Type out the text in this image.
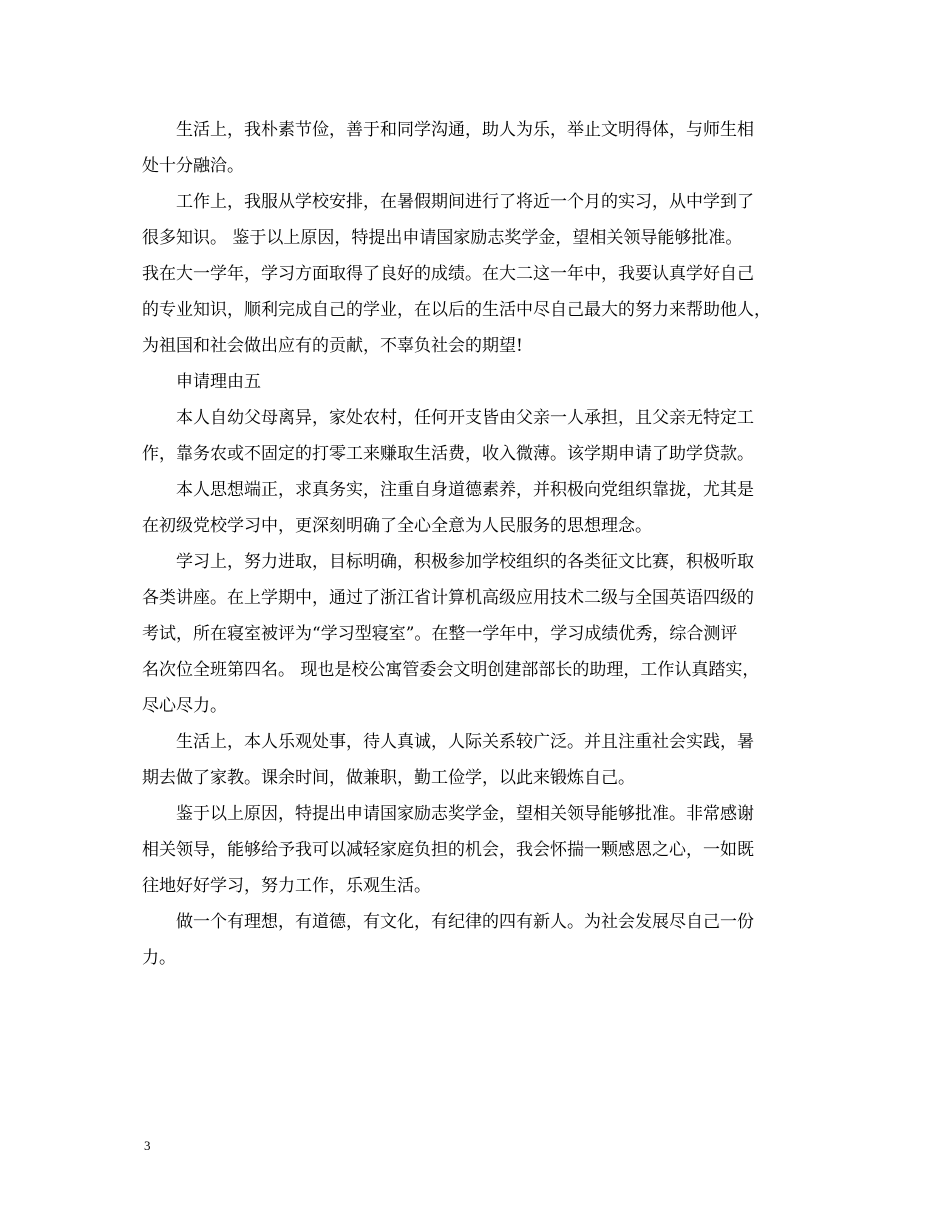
生活上，我朴素节俭，善于和同学沟通，助人为乐，举止文明得体，与师生相
处十分融洽。
工作上，我服从学校安排，在暑假期间进行了将近一个月的实习，从中学到了
很多知识。 鉴于以上原因，特提出申请国家励志奖学金，望相关领导能够批准。
我在大一学年，学习方面取得了良好的成绩。在大二这一年中，我要认真学好自己
的专业知识，顺利完成自己的学业，在以后的生活中尽自己最大的努力来帮助他人，
为祖国和社会做出应有的贡献，不辜负社会的期望!
申请理由五
本人自幼父母离异，家处农村，任何开支皆由父亲一人承担，且父亲无特定工
作，靠务农或不固定的打零工来赚取生活费，收入微薄。该学期申请了助学贷款。
本人思想端正，求真务实，注重自身道德素养，并积极向党组织靠拢，尤其是
在初级党校学习中，更深刻明确了全心全意为人民服务的思想理念。
学习上，努力进取，目标明确，积极参加学校组织的各类征文比赛，积极听取
各类讲座。在上学期中，通过了浙江省计算机高级应用技术二级与全国英语四级的
考试，所在寝室被评为“学习型寝室”。在整一学年中，学习成绩优秀，综合测评
名次位全班第四名。 现也是校公寓管委会文明创建部部长的助理，工作认真踏实，
尽心尽力。
生活上，本人乐观处事，待人真诚，人际关系较广泛。并且注重社会实践，暑
期去做了家教。课余时间，做兼职，勤工俭学，以此来锻炼自己。
鉴于以上原因，特提出申请国家励志奖学金，望相关领导能够批准。非常感谢
相关领导，能够给予我可以减轻家庭负担的机会，我会怀揣一颗感恩之心，一如既
往地好好学习，努力工作，乐观生活。
做一个有理想，有道德，有文化，有纪律的四有新人。为社会发展尽自己一份
力。
3
